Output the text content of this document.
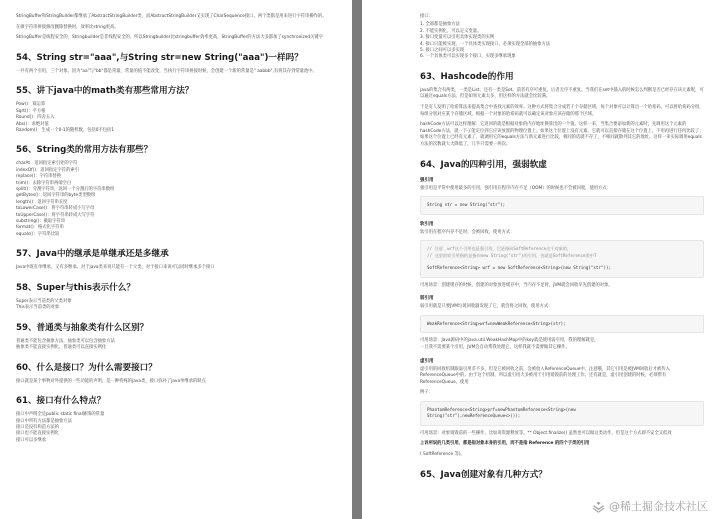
StringBuffer和StringBuilder都继承了AbstractStringBuilder类，而AbstractStringBuilder又实现了CharSequence接口，两个类都是用来进行字符串操作的。

在做字符串拼接修改删除替换时，效率比string更高。

StringBuffer是线程安全的，Stringbuilder是非线程安全的。所以Stringbuilder比stringbuffer效率更高，StringBuffer的方法大多都加了synchronized关键字

54、String str="aaa",与String str=new String("aaa")一样吗？

一共有两个引用，三个对象。因为"aa"与"bb"都是常量，常量的值不能改变，当执行字符串拼接时候，会创建一个新的常量是" aabbb",有将其存到常量池中。

55、讲下java中的math类有那些常用方法？
Pow()：幂运算
Sqrt()：平方根
Round()：四舍五入
Abs()：求绝对值
Random()：生成一个0-1的随机数，包括0不包括1
56、String类的常用方法有那些？
charAt：返回指定索引处的字符
indexOf()：返回指定字符的索引
replace()：字符串替换
trim()：去除字符串两端空白
split()：分割字符串，返回一个分割后的字符串数组
getBytes()：返回字符串的byte类型数组
length()：返回字符串长度
toLowerCase()：将字符串转成小写字母
toUpperCase()：将字符串转成大写字符
substring()：截取字符串
format()：格式化字符串
equals()：字符串比较
57、Java中的继承是单继承还是多继承

Java中既有单继承，又有多继承。对于java类来说只能有一个父类，对于接口来说可以同时继承多个接口

58、Super与this表示什么？
Super表示当前类的父类对象
This表示当前类的对象
59、普通类与抽象类有什么区别？
普通类不能包含抽象方法，抽象类可以包含抽象方法
抽象类不能直接实例化，普通类可以直接实例化
60、什么是接口？为什么需要接口？

接口就是某个事物对外提供的一些功能的声明，是一种特殊的java类，接口弥补了java单继承的缺点

61、接口有什么特点？
接口中声明全是public static final修饰的常量
接口中所有方法都是抽象方法
接口是没有构造方法的
接口也不能直接实例化
接口可以多继承
接口：
1. 全部都是抽象方法
2. 不能实例化，可以定义变量。
3. 接口变量可以引用具体实现类的实例
4. 接口只能被实现，一个具体类实现接口，必须实现全部的抽象方法
5. 接口之间可以多实现
6. 一个具体类可以实现多个接口，实现多继承现象
63、Hashcode的作用

java的集合有两类，一类是List，还有一类是Set。前者有序可重复，后者无序不重复。当我们在set中插入的时候怎么判断是否已经存在该元素呢，可以通过equals方法。但是如果元素太多，用这样的方法就会比较满。

于是有人发明了哈希算法来提高集合中查找元素的效率。这种方式将集合分成若干个存储区域，每个对象可以计算出一个哈希码，可以将哈希码分组，每组分别对应某个存储区域，根据一个对象的哈希码就可以确定该对象应该存储的那个区域。

hashCode方法可以这样理解：它返回的就是根据对象的内存地址换算出的一个值。这样一来，当集合要添加新的元素时，先调用这个元素的hashCode方法，就一下子能定位到它应该放置的物理位置上。如果这个位置上没有元素，它就可以直接存储在这个位置上，不用再进行任何比较了；如果这个位置上已经有元素了，就调用它的equals方法与新元素进行比较，相同的话就不存了，不相同就散列其它的地址。这样一来实际调用equals方法的次数就大大降低了，几乎只需要一两次。

64、Java的四种引用，强弱软虚
强引用

强引用是平常中使用最多的引用，强引用在程序内存不足（OOM）的时候也不会被回收，使用方式：

String str = new String("str");
软引用

软引用在程序内存不足时，会被回收，使用方式：

// 注意：wrf这个引用也是强引用，它是指向SoftReference这个对象的，
// 这里的软引用指的是指向new String("str")的引用，也就是SoftReference类中T

SoftReference<String> wrf = new SoftReference<String>(new String("str"));

可用场景：创建缓存的时候，创建的对象放进缓存中，当内存不足时，JVM就会回收早先创建的对象。

弱引用

弱引用就是只要JVM垃圾回收器发现了它，就会将之回收，使用方式：

WeakReference<String>wrf=newWeakReference<String>(str);

可用场景：Java源码中的java.util.WeakHashMap中的key就是使用弱引用，我的理解就是，
一旦我不需要某个引用，JVM会自动帮我处理它，这样我就不需要做其它操作。

虚引用

虚引用的回收机制跟弱引用差不多，但是它被回收之前，会被放入ReferenceQueue中。注意哦，其它引用是被JVM回收后才被传入ReferenceQueue中的。由于这个机制，所以虚引用大多被用于引用销毁前的处理工作。还有就是，虚引用创建的时候，必须带有ReferenceQueue，使用

例子：

PhantomReference<String>prf=newPhantomReference<String>(new
String("str"),newReferenceQueue<>());

可用场景：对象销毁前的一些操作，比如说资源释放等。** Object.finalize() 虽然也可以做这类动作，但是这个方式即不安全又低效

上诉所说的几类引用，都是指对象本身的引用，而不是指 Reference 的四个子类的引用

( SoftReference 等)。

65、Java创建对象有几种方式？
@稀土掘金技术社区
